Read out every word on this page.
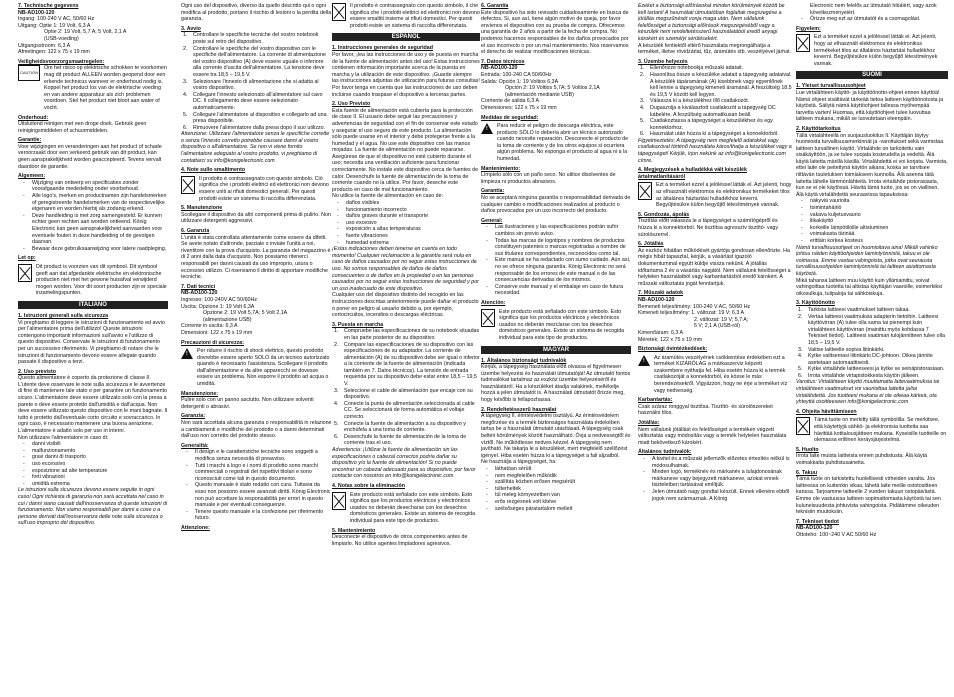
7. Technische gegevens

NB-AD100-120

Ingang: 100-240 V AC, 50/60 Hz

Uitgang: Optie 1: 19 Volt, 6,3 A

Optie 2: 19 Volt, 5,7 A; 5 Volt, 2,1 A

(USB-voeding)

Uitgangsstroom: 6,3 A

Afmetingen: 122 x 75 x 19 mm

Veiligheidsvoorzorgsmaatregelen:

CAUTION

Om het risico op elektrische schokken te voorkomen mag dit product ALLEEN worden geopend door een erkende technicus wanneer er onderhoud nodig is. Koppel het product los van de elektrische voeding en van andere apparatuur als zich problemen voordoen. Stel het product niet bloot aan water of vocht.

Onderhoud:

Uitsluitend reinigen met een droge doek. Gebruik geen reinigingsmiddelen of schuurmiddelen.

Garantie:

Voor wijzigingen en veranderingen aan het product of schade veroorzaakt door een verkeerd gebruik van dit product, kan geen aansprakelijkheid worden geaccepteerd. Tevens vervalt daardoor de garantie.

Algemeen:

- Wijziging van ontwerp en specificaties zonder voorafgaande mededeling onder voorbehoud.
- Alle logo's, merken en productnamen zijn handelsmerken of geregistreerde handelsmerken van de respectievelijke eigenaren en worden hierbij als zodanig erkend.
- Deze handleiding is met zorg samengesteld. Er kunnen echter geen rechten aan worden ontleend. König Electronic kan geen aansprakelijkheid aanvaarden voor eventuele fouten in deze handleiding of de gevolgen daarvan.
- Bewaar deze gebruiksaanwijzing voor latere raadpleging.

Let op:

Dit product is voorzien van dit symbool. Dit symbool geeft aan dat afgedankte elektrische en elektronische producten niet met het gewone huisafval verwijderd mogen worden. Voor dit soort producten zijn er speciale inzamelingspunten.

ITALIANO

1. Istruzioni generali sulla sicurezza

Vi preghiamo di leggere le istruzioni di funzionamento ed avvio per l'alimentatore prima dell'utilizzo! Queste istruzioni contengono importanti informazioni sull'avvio e l'utilizzo di questo dispositivo. Conservate le istruzioni di funzionamento per un successivo riferimento. Vi preghiamo di notare che le istruzioni di funzionamento devono essere allegate quando passate il dispositivo a terzi.

2. Uso previsto

Questo alimentatore è coperto da protezione di classe II. L'utente deve osservare le note sulla sicurezza e le avvertenze di fine di mantenere tale stato e per garantire un funzionamento sicuro. L'alimentatore deve essere utilizzato solo con la presa a parete o deve essere protetto dall'umidità e dall'acqua. Non deve essere utilizzato questo dispositivo con le mani bagnate. Il tutto è protetto dall'eventuale corto circuito e sovraccarico. In ogni caso, è necessario mantenere una buona aerazione. L'alimentatore è adatto solo per uso in interni.

Non utilizzare l'alimentatore in caso di:

- danni visibili
- malfunzionamento
- gravi danni di trasporto
- uso eccessivo
- esposizione ad alte temperature
- forti vibrazioni
- umidità estrema

Le istruzioni sulla sicurezza devono essere seguite in ogni caso! Ogni richiesta di garanzia non sarà accettata nel caso in cui i danni siano causati dall'inosservanza di queste istruzioni di funzionamento. Non siamo responsabili per danni a cose o a persone derivati dall'inosservanza delle note sulla sicurezza o sull'uso improprio del dispositivo.

Ogni uso del dispositivo, diverso da quello descritto qui o ogni modifica al prodotto, portano il rischio di lesioni o la perdita della garanzia.

3. Avvio

1. Controllare le specifiche tecniche del vostro notebook poste sul retro del dispositivo.
2. Controllare le specifiche del vostro dispositivo con le specifiche dell'alimentatore. La corrente di alimentazione del vostro dispositivo (A) deve essere uguale o inferiore alla corrente d'uscita dell'alimentatore. La tensione deve essere tra 18,5 – 19,5 V.
3. Selezionare l'innesto di alimentazione che si adatta al vostro dispositivo.
4. Collegare l'innesto selezionato all'alimentatore sul cavo DC. Il collegamento deve essere selezionato automaticamente.
5. Collegare l'alimentatore al dispositivo e collegarlo ad una presa disponibile.
6. Rimuovere l'alimentatore dalla presa dopo il suo utilizzo.

Attenzione: Utilizzare l'alimentatore senza le specifiche corrette o senza l'innesto corretto potrebbe causare danni al vostro dispositivo o all'alimentatore. Se non vi viene fornito l'alimentatore adeguato al vostro prodotto, vi preghiamo di contattarci su info@konigelectronic.com

4. Note sullo smaltimento

Il prodotto è contrassegnato con questo simbolo. Ciò significa che i prodotti elettrici ed elettronici non devono essere uniti ai rifiuti domestici generali. Per questi prodotti esiste un sistema di raccolta differenziata.

5. Manutenzione

Scollegare il dispositivo da altri componenti prima di pulirlo. Non utilizzare detergenti aggressivi.

6. Garanzia

L'unità è stata controllata attentamente come essere da difetti. Se avete notato d'altronde, parziale o inviate l'unità a noi, riventitore con la prova d'acquisto. La garanzia del magazzino è di 2 anni dalla data d'acquisto. Non possiamo ritenerci responsabili per danni causati da uso improprio, usura o eccessivo utilizzo. Ci riserviamo il diritto di apportare modifiche tecniche.

7. Dati tecnici

NB-AD100-120

Ingresso: 100-240V AC 50/60Hz

Uscita: Opzione 1: 19 Volt 6,3A

Opzione 2: 19 Volt 5,7A; 5 Volt 2,1A

(alimentazione USB)

Corrente in uscita: 6,3 A

Dimensioni: 122 x 75 x 19 mm

Precauzioni di sicurezza:

! Per ridurre il rischio di shock elettrico, questo prodotto dovrebbe essere aperto SOLO da un tecnico autorizzato quando è necessario l'assistenza. Scollegare il prodotto dall'alimentazione e da altre apparecchi se dovesse essere un problema. Non esporre il prodotto ad acqua o umidità.

Manutenzione:

Pulire solo con un panno asciutto. Non utilizzare solventi detergenti o abrasivi.

Garanzia:

Non sarà accettata alcuna garanzia o responsabilità in relazione a cambiamenti e modifiche del prodotto o a danni determinati dall'uso non corretto del prodotto stesso.

Generalità:

- Il design e le caratteristiche tecniche sono soggetti a modifica senza necessità di preavviso.
- Tutti i marchi a logo e i nomi di prodotto sono marchi commerciali o registrati dei rispettivi titolari e sono riconosciuti come tali in questo documento.
- Questo manuale è stato redatto con cura. Tuttavia da esso non possono essere avanzati diritti. König Electronic non può accettare la responsabilità per errori in questo manuale e per eventuali conseguenze.
- Tenere questo manuale e la confezione per riferimento futuro.

Attenzione:

Il prodotto è contrassegnato con questo simbolo, il che significa che i prodotti elettrici ed elettronici non devono essere smaltiti insieme ai rifiuti domestici. Per questi prodotti esiste un sistema di raccolta differenziata.

ESPAÑOL

1. Instrucciones generales de seguridad

Por favor, ¡lea las instrucciones de uso y de puesta en marcha de la fuente de alimentación antes del uso! Estas instrucciones contienen información importante acerca de la puesta en marcha y la utilización de este dispositivo. ¡Guarde siempre las instrucciones adjuntas de utilización para futuras consultas! Por favor tenga en cuenta que las instrucciones de uso deben incluirse cuando traspase el dispositivo a terceras partes.

2. Uso Previsto

Esta fuente de alimentación está cubierta para la protección de clase II. El usuario debe seguir las precauciones y advertencias de seguridad con el fin de conservar este estado y asegurar el uso seguro de este producto. La alimentación sólo puede usarse en el interior y debe protegerse frente a la humedad y el agua. No use este dispositivo con las manos mojadas. La fuente de alimentación no puede repararse. Asegúrese de que el dispositivo no esté cubierto durante el uso; necesita una ventilación suficiente para funcionar correctamente. No instale este dispositivo cerca de fuentes de calor. Desenchufe la fuente de alimentación de la toma de corriente cuando no la utilice. Por favor, deseche este producto en caso de mal funcionamiento.

No utilice la fuente de alimentación en caso de:

- daños visibles
- funcionamiento incorrecto
- daños graves durante el transporte
- uso excesivo
- exposición a altas temperaturas
- fuerte vibraciones
- humedad extrema

¡Estas indicaciones deben tenerse en cuenta en todo momento! Cualquier reclamación a la garantía será nula en caso de daños causados por no seguir estas instrucciones de uso. No somos responsables de daños de daños consecuentes o de daños en la propiedad o en las personas causados por no seguir estas instrucciones de seguridad y por un uso inadecuado de este dispositivo.

Cualquier uso del dispositivo distinto del recogido en las instrucciones descritas anteriormente puede dañar el producto o poner en peligro al usuario debido a, por ejemplo, cortocircuitos, incendios o descargas eléctricas.

3. Puesta en marcha

1. Compruebe las especificaciones de su notebook situadas en las parte posterior de su dispositivo.
2. Compare las especificaciones de su dispositivo con las especificaciones de su adaptador. La corriente de alimentación (A) de su dispositivo debe ser igual o inferior a la corriente de la fuente de alimentación (indicada también en 7. Datos técnicos). La tensión de entrada requerida por su dispositivo debe estar entre 18,5 – 19,5 V.
3. Seleccione el cable de alimentación que encaje con su dispositivo.
4. Conecte la punta de alimentación seleccionada al cable CC. Se seleccionará de forma automática el voltaje correcto.
5. Conecte la fuente de alimentación a su dispositivo y enchúfela a una toma de corriente.
6. Desenchufe la fuente de alimentación de la toma de corriente tras el uso.

Advertencia: ¡Utilizar la fuente de alimentación sin las especificaciones o cabezal correctos podría dañar su dispositivo y/o la fuente de alimentación! Si no puede encontrar un cabezal adecuado para su dispositivo, por favor contacte con nosotros en info@konigelectronic.com

4. Notas sobre la eliminación

Este producto está señalado con este símbolo. Esto significa que los productos eléctricos y electrónicos usados no deberán desecharse con los desechos domésticos generales. Existe un sistema de recogida individual para este tipo de productos.

5. Mantenimiento

Desconecte el dispositivo de otros componentes antes de limpiarlo. No utilice agentes limpiadores agresivos.

6. Garantía

Este dispositivo ha sido revisado cuidadosamente en busca de defectos. Si, aun así, tiene algún motivo de queja, por favor envíenos el dispositivo con su prueba de compra. Ofrecemos una garantía de 2 años a partir de la fecha de compra. No podemos hacernos responsables de los daños provocados por el uso incorrecto o por un mal mantenimiento. Nos reservamos el derecho de realizar modificaciones técnicas.

7. Datos técnicos

NB-AD100-120

Entrada: 100-240 CA 50/60Hz

Salida: Opción 1: 19 Voltios 6,3A

Opción 2: 19 Voltios 5,7A; 5 Voltios 2,1A

(alimentación mediante USB)

Corriente de salida 6,3 A

Dimensiones: 122 x 75 x 19 mm

Medidas de seguridad:

! Para reducir el peligro de descarga eléctrica, este producto SÓLO lo debería abrir un técnico autorizado cuando necesite reparación. Desconecte el producto de la toma de corriente y de los otros equipos si ocurriera algún problema. No exponga el producto al agua ni a la humedad.

Mantenimiento:

Límpielo sólo con un paño seco. No utilice disolventes de limpieza ni productos abrasivos.

Garantía:

No se aceptará ninguna garantía o responsabilidad derivada de cualquier cambio o modificaciones realizados al producto o daños provocados por un uso incorrecto del producto.

General:

- Las ilustraciones y las especificaciones podrán sufrir cambios sin previo aviso.
- Todas las marcas de logotipos y nombres de productos constituyen patentes o marcas registradas a nombre de sus titulares correspondientes, reconocidos como tal.
- Este manual se ha redactado con sumo cuidado. Aún así, no se ofrece ninguna garantía. König Electronic no será responsable de los errores de este manual o de las consecuencias derivadas de los mismos.
- Conserve este manual y el embalaje en caso de futura necesidad.

Atención:

Este producto está señalado con este símbolo. Esto significa que los productos eléctricos y electrónicos usados no deberán mezclarse con los desechos domésticos generales. Existe un sistema de recogida individual para este tipo de productos.

MAGYAR

1. Általános biztonsági tudnivalók

Kérjük, a tápegység használata előtt olvassa el figyelmesen üzembe helyezési és használati útmutatóját! Az útmutató fontos tudnivalókat tartalmaz az eszköz üzembe helyezéséről és használatáról. Ha a készüléket átadja valakinek, mellékelje hozzá a jelen útmutatót is. A használati útmutatót őrizze meg, hogy később is fellapozhassa.

2. Rendeltetésszerű használat

A tápegység II. érintésvédelmi osztályú. Az érintésvédelem megőrzése és a termék biztonságos használata érdekében tartsa be a használati útmutató utasításait. A tápegység csak beltéri körülmények között használható. Óvja a nedvességtől és víztől. Ne működtesse nedves kézzel. A tápegység nem javítható. Ne takarja le a készüléket, mert megfelelő szellőzést igényel. Hiba esetén húzza ki a tápegységet a fali aljzatból.

Ne használja a tápegységet, ha:

- láthatóan sérült
- nem megfelelően működik
- szállítás közben erősen megsérült
- túlterhelték
- túl meleg környezetben van
- erős rezgésnek volt kitéve
- szélsőséges páratartalom mellett

Ezeket a biztonsági előírásokat minden körülmények között be kell tartani! A használati útmutatóban foglaltak megszegése a jótállás megszűnését vonja maga után. Nem vállalunk felelősséget a biztonsági előírások megszegéséből vagy a készülék nem rendeltetésszerű használatából eredő anyagi károkért és személyi sérülésekért.

A készülék fentiektől eltérő használata megrongálhatja a terméket, illetve rövidzárlat, tűz, áramütés stb. veszélyével járhat.

3. Üzembe helyezés

1. Ellenőrizze notebookja műszaki adatait.
2. Hasonlítsa össze a készüléke adatait a tápegység adataival. A készülék tápáramának (A) kisebbnek vagy egyenlőnek kell lennie a tápegység kimeneti áramánál. A feszültség 18,5 és 19,5 V között kell legyen.
3. Válassza ki a készülékhez illő csatlakozót.
4. Dugaszolja a kiválasztott csatlakozót a tápegység DC kábelére. A feszültség automatikusan beáll.
5. Csatlakoztassa a tápegységet a készülékhez és egy konnektorhoz.
6. Használat után húzza ki a tápegységet a konnektorból.

Figyelmeztetés: A tápegység nem megfelelő adatokkal vagy csatlakozóval történő használata károsíthatja a készüléket vagy a tápegységet! Kérjük, írjon nekünk az info@konigelectronic.com címre.

4. Megjegyzések a hulladékká vált készülék ártalmatlanításáról

Ezt a terméket ezzel a jelöléssel látták el. Azt jelenti, hogy az elhasznált elektromos és elektronikus termékeket tilos az általános háztartási hulladékhoz keverni. Begyűjtésükre külön begyűjtő létesítmények vannak.

5. Gondozás, ápolás

Tisztítás előtt válassza le a tápegységet a számítógépről és húzza ki a konnektorból. Ne tisztítsa agresszív tisztító- vagy súrolószerrel.

6. Jótállás

Az eszköz hibátlan működését gyártója gondosan ellenőrizte. Ha mégis hibát tapasztal, kérjük, a vásárlást igazoló dokumentummal együtt küldje vissza nekünk. A jótállás időtartama 2 év a vásárlás napjától. Nem vállalunk felelősséget a helytelen használatból vagy karbantartásból eredő károkért. A műszaki változtatás jogát fenntartjuk.

7. Műszaki adatok

NB-AD100-120

Bemeneti teljesítmény: 100-240 V AC, 50/60 Hz

Kimeneti teljesítmény: 1. változat: 19 V; 6,3 A

2. változat: 19 V; 5,7 A;

5 V; 2,1 A (USB-ról)

Kimenőáram: 6,3 A

Méretek: 122 x 75 x 19 mm

Biztonsági óvintézkedések:

! Az áramütés veszélyének csökkentése érdekében ezt a terméket KIZÁRÓLAG a márkaszerviz képzett szakembere nyithatja fel. Hiba esetén húzza ki a termék csatlakozóját a konnektorból, és kösse le más berendezésekről. Vigyázzon, hogy ne érje a terméket víz vagy nedvesség.

Karbantartás:

Csak száraz ronggyal tisztítsa. Tisztító- és súrolószereket használni tilos.

Jótállás:

Nem vállalunk jótállást és felelősséget a terméken végzett változtatás vagy módosítás vagy a termék helytelen használata miatt bekövetkező károkért.

Általános tudnivalók:

- A kivitel és a műszaki jellemzők előzetes értesítés nélkül is módosulhatnak.
- Minden logó, terméknév és márkanév a tulajdonosának márkaneve vagy bejegyzett márkaneve, azokat ennek tiszteletben tartásával említjük.
- Jelen útmutató nagy gondtal készült. Ennek ellenére ebből jogok nem származnak. A König

Electronic nem felelős az útmutató hibáiért, vagy azok következményeiért.

- Őrizze meg ezt az útmutatót és a csomagolást.

Figyelem:

Ezt a terméket ezzel a jelöléssel látták el. Azt jelenti, hogy az elhasznált elektromos és elektronikus termékeket tilos az általános háztartási hulladékhoz keverni. Begyűjtésükre külön begyűjtő létesítmények vannak.

SUOMI

1. Yleiset turvallisuusohjeet

Lue virtalähteen käyttö- ja käyttöönotto-ohjeet ennen käyttöä! Nämä ohjeet sisältävät tärkeää tietoa laitteen käyttöönotosta ja käytöstä. Säilytä nämä käyttöohjeet tallessa myöhempää tarvetta varten! Huomaa, että käyttöohjeet tulee luovuttaa laitteen mukana, mikäli se luovutetaan eteenpäin.

2. Käyttötarkoitus

Tällä virtalähteellä on suojausluokitus II. Käyttäjän täytyy huomioida turvallisuusmerkinnät ja -varoitukset sekä varmistaa laitteen turvallinen käyttö. Virtalähde on tarkoitettu vain sisäkäyttöön, ja se tulee suojata kosteudelta ja vedeltä. Älä käytä laitetta märillä käsillä. Virtalähdettä ei voi korjata. Varmista, ettei laite ole peitettynä käytön aikana, koska se tarvitsee riittävän tuuletuksen toimiakseen kunnolla. Älä asenna tätä laitetta lähelle lämmönlähteitä. Irrota virtalähde pistorasiasta, kun se ei ole käytössä. Hävitä tämä tuote, jos se on viallinen.

Älä käytä virtalähdettä seuraavissa tapauksissa:

- näkyviä vaurioita
- toimintahäiriö
- vakava kuljetusvaurio
- liikakäyttö
- korkeille lämpötiloille altistuminen
- voimakasta tärinää
- erittäin korkea kosteus

Nämä turvallisuusohjeet on huomioitava aina! Mikäli vahinko johtuu näiden käyttöohjeiden laiminlyönnistä, takuu ei ole voimassa. Emme vastaa vahingoista, jotka ovat seurausta turvallisuusohjeiden laiminlyönnistä tai laitteen asiattomasta käytöstä.

Mikä tahansa laitteen muu käyttö kuin yllämainittu, voivat vahingoittaa tuotetta tai altistaa käyttäjän vaaroille, esimerkiksi oikosulkuja, tulipaloja tai sähköiskuja.

3. Käyttöönotto

1. Tarkista laitteesi vaatimukset laitteen takaa.
2. Vertaa laitteesi vaatimuksia adapterin tietoihin. Laitteesi käyttövirran (A) tulee olla sama tai pienempi kuin virtalähteen käyttövirran (mainittu myös kohdassa 7 Tekniset tiedot). Laitteesi vaatiman tulojännitteen tulee olla 18,5 – 19,5 V.
3. Valitse laitteelle sopiva liitinkärki.
4. Kytke valitsemasi liitinkärki DC-johtoon. Oikea jännite asetetaan automaattisesti.
5. Kytke virtalähde laitteeseesi ja kytke se seinäpistorasiaan.
6. Irrota virtalähde virtapistokkesta käytön jälkeen.

Varoitus: Virtalähteen käyttö muuttamatta laitevaatimuksia tai virtalähteen vaatimukset voi vaurioittaa laitetta ja/tai virtalähdettä. Jos tuotteesi mukana ei ole oikeaa kärkeä, ota yhteyttä osoitteeseen info@konigelectronic.com

4. Ohjeita hävittämiseen

Tämä tuote on merkitty tällä symbolilla. Se merkitsee, että käytettyjä sähkö- ja elektronisia tuotteita saa hävittää kotitalousjätteen mukana. Kyseisille tuotteille on olemassa erillinen keräysjärjestelmä.

5. Huolto

Irrota laite muista laitteista ennen puhdistusta. Älä käytä voimakkaita puhdistusaineita.

6. Takuu

Tämä tuote on tarkistettu huolellisesti virheiden varalta. Jos laitteessa on kuitenkin vikaa, lähetä laite meille ostotositteen kanssa. Tarjoamme laitteelle 2 vuoden takuun ostopäivästä. Emme ole vastuussa laitteen sopimattomasta käytöstä tai sen kuluneisuudesta johtuvista vahingoista. Pidätämme oikeuden teknisiin muutoksiin.

7. Tekniset tiedot

NB-AD100-120

Ottoteho: 100~240 V AC 50/60 Hz
